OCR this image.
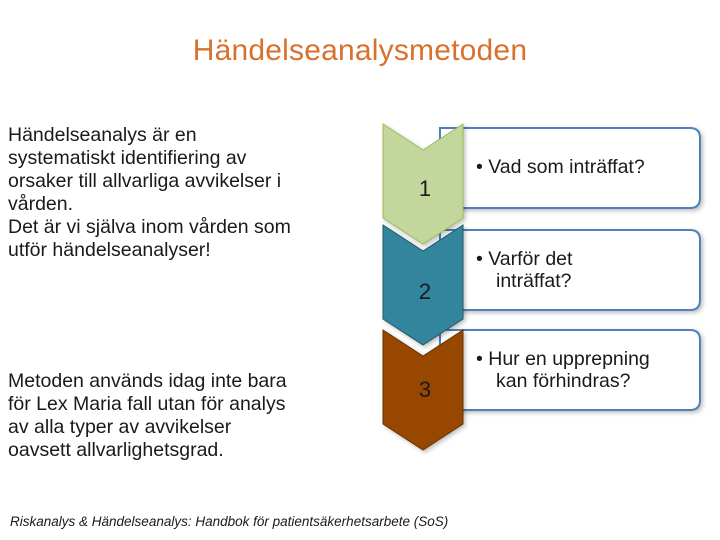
Händelseanalysmetoden

Händelseanalys är en
systematiskt identifiering av
orsaker till allvarliga avvikelser i
vården.

Det är vi själva inom vården som
utför händelseanalyser!

Metoden används idag inte bara
för Lex Maria fall utan för analys
av alla typer av avvikelser
oavsett allvarlighetsgrad.

1
2
3
• Vad som inträffat?
• Varför det
inträffat?
• Hur en upprepning
kan förhindras?
Riskanalys & Händelseanalys: Handbok för patientsäkerhetsarbete (SoS)
